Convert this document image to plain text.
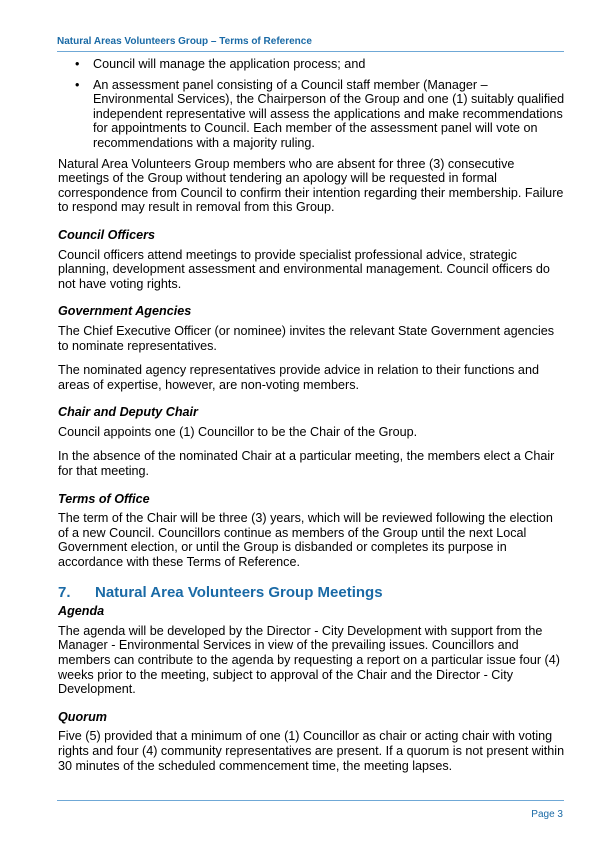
Natural Areas Volunteers Group – Terms of Reference
• Council will manage the application process; and
• An assessment panel consisting of a Council staff member (Manager – Environmental Services), the Chairperson of the Group and one (1) suitably qualified independent representative will assess the applications and make recommendations for appointments to Council. Each member of the assessment panel will vote on recommendations with a majority ruling.

Natural Area Volunteers Group members who are absent for three (3) consecutive meetings of the Group without tendering an apology will be requested in formal correspondence from Council to confirm their intention regarding their membership. Failure to respond may result in removal from this Group.

Council Officers

Council officers attend meetings to provide specialist professional advice, strategic planning, development assessment and environmental management. Council officers do not have voting rights.

Government Agencies

The Chief Executive Officer (or nominee) invites the relevant State Government agencies to nominate representatives.

The nominated agency representatives provide advice in relation to their functions and areas of expertise, however, are non-voting members.

Chair and Deputy Chair

Council appoints one (1) Councillor to be the Chair of the Group.

In the absence of the nominated Chair at a particular meeting, the members elect a Chair for that meeting.

Terms of Office

The term of the Chair will be three (3) years, which will be reviewed following the election of a new Council. Councillors continue as members of the Group until the next Local Government election, or until the Group is disbanded or completes its purpose in accordance with these Terms of Reference.

7.	Natural Area Volunteers Group Meetings
Agenda

The agenda will be developed by the Director - City Development with support from the Manager - Environmental Services in view of the prevailing issues. Councillors and members can contribute to the agenda by requesting a report on a particular issue four (4) weeks prior to the meeting, subject to approval of the Chair and the Director - City Development.

Quorum

Five (5) provided that a minimum of one (1) Councillor as chair or acting chair with voting rights and four (4) community representatives are present. If a quorum is not present within 30 minutes of the scheduled commencement time, the meeting lapses.

Page 3
